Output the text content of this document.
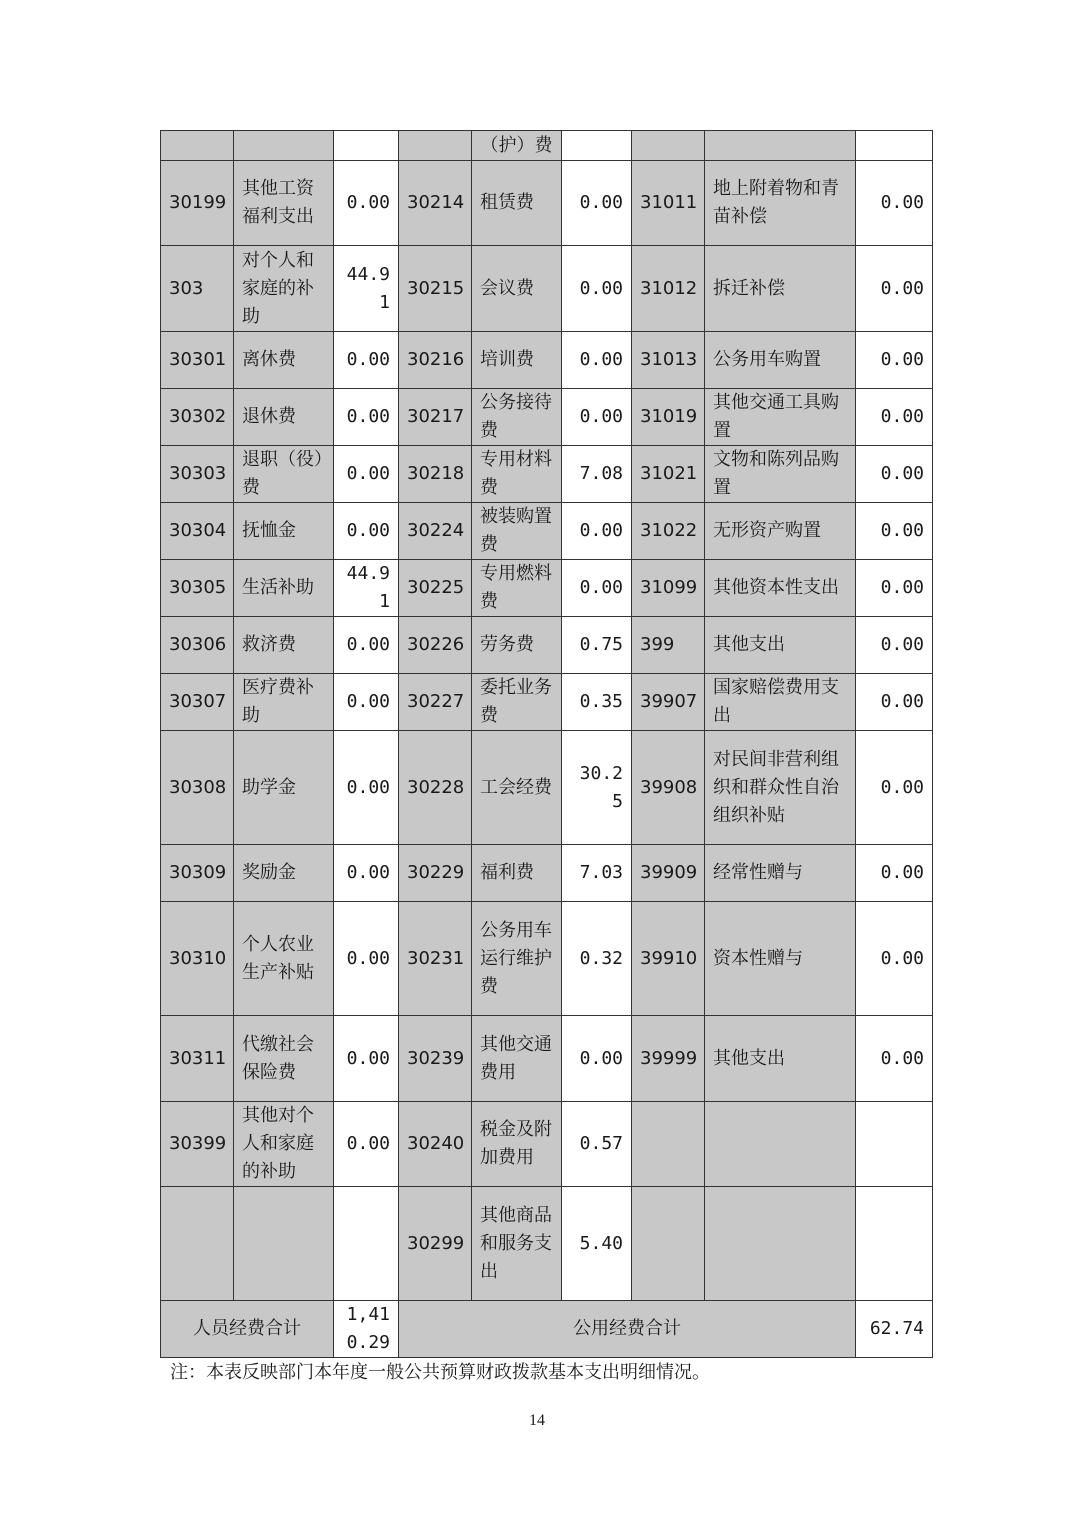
				（护）费				
30199	其他工资福利支出	0.00	30214	租赁费	0.00	31011	地上附着物和青苗补偿	0.00
303	对个人和家庭的补助	44.91	30215	会议费	0.00	31012	拆迁补偿	0.00
30301	离休费	0.00	30216	培训费	0.00	31013	公务用车购置	0.00
30302	退休费	0.00	30217	公务接待费	0.00	31019	其他交通工具购置	0.00
30303	退职（役）费	0.00	30218	专用材料费	7.08	31021	文物和陈列品购置	0.00
30304	抚恤金	0.00	30224	被装购置费	0.00	31022	无形资产购置	0.00
30305	生活补助	44.91	30225	专用燃料费	0.00	31099	其他资本性支出	0.00
30306	救济费	0.00	30226	劳务费	0.75	399	其他支出	0.00
30307	医疗费补助	0.00	30227	委托业务费	0.35	39907	国家赔偿费用支出	0.00
30308	助学金	0.00	30228	工会经费	30.25	39908	对民间非营利组织和群众性自治组织补贴	0.00
30309	奖励金	0.00	30229	福利费	7.03	39909	经常性赠与	0.00
30310	个人农业生产补贴	0.00	30231	公务用车运行维护费	0.32	39910	资本性赠与	0.00
30311	代缴社会保险费	0.00	30239	其他交通费用	0.00	39999	其他支出	0.00
30399	其他对个人和家庭的补助	0.00	30240	税金及附加费用	0.57			
			30299	其他商品和服务支出	5.40			
人员经费合计		1,410.29	公用经费合计					62.74
注：本表反映部门本年度一般公共预算财政拨款基本支出明细情况。
14
